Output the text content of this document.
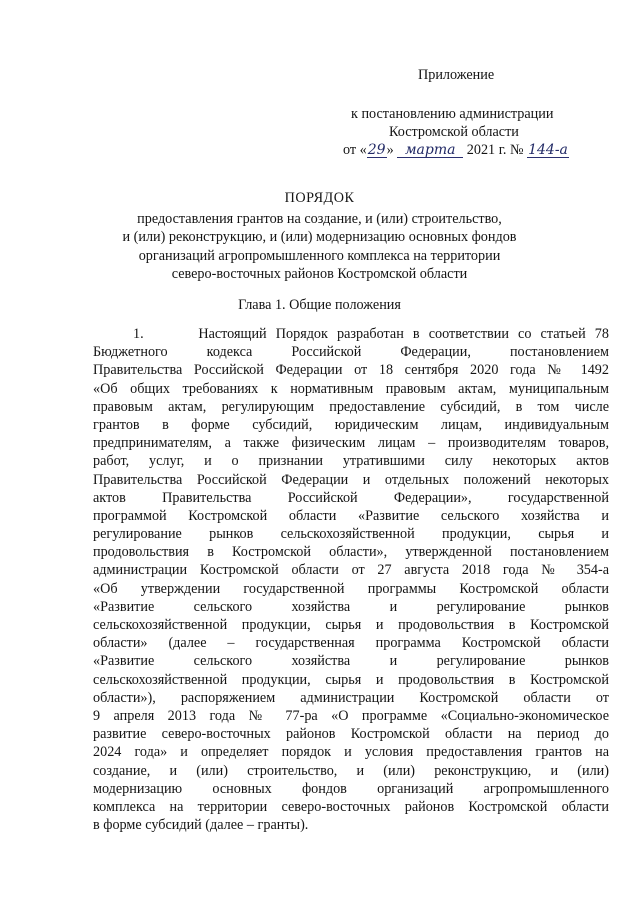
Приложение
к постановлению администрации
Костромской области
от «29» марта 2021 г. № 144-а
ПОРЯДОК
предоставления грантов на создание, и (или) строительство,
и (или) реконструкцию, и (или) модернизацию основных фондов
организаций агропромышленного комплекса на территории
северо-восточных районов Костромской области
Глава 1. Общие положения
1.      Настоящий Порядок разработан в соответствии со статьей 78
Бюджетного кодекса Российской Федерации, постановлением
Правительства Российской Федерации от 18 сентября 2020 года № 1492
«Об общих требованиях к нормативным правовым актам, муниципальным
правовым актам, регулирующим предоставление субсидий, в том числе
грантов в форме субсидий, юридическим лицам, индивидуальным
предпринимателям, а также физическим лицам – производителям товаров,
работ, услуг, и о признании утратившими силу некоторых актов
Правительства Российской Федерации и отдельных положений некоторых
актов Правительства Российской Федерации», государственной
программой Костромской области «Развитие сельского хозяйства и
регулирование рынков сельскохозяйственной продукции, сырья и
продовольствия в Костромской области», утвержденной постановлением
администрации Костромской области от 27 августа 2018 года № 354-а
«Об утверждении государственной программы Костромской области
«Развитие сельского хозяйства и регулирование рынков
сельскохозяйственной продукции, сырья и продовольствия в Костромской
области» (далее – государственная программа Костромской области
«Развитие сельского хозяйства и регулирование рынков
сельскохозяйственной продукции, сырья и продовольствия в Костромской
области»), распоряжением администрации Костромской области от
9 апреля 2013 года № 77-ра «О программе «Социально-экономическое
развитие северо-восточных районов Костромской области на период до
2024 года» и определяет порядок и условия предоставления грантов на
создание, и (или) строительство, и (или) реконструкцию, и (или)
модернизацию основных фондов организаций агропромышленного
комплекса на территории северо-восточных районов Костромской области
в форме субсидий (далее – гранты).
